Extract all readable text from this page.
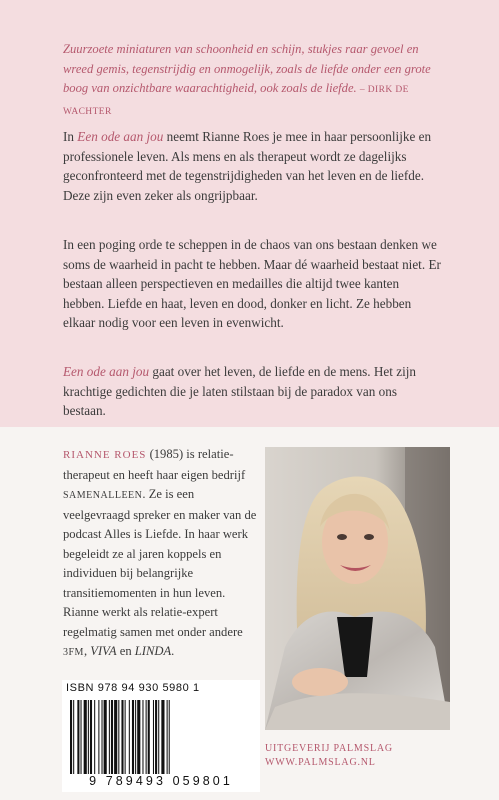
Zuurzoete miniaturen van schoonheid en schijn, stukjes raar gevoel en wreed gemis, tegenstrijdig en onmogelijk, zoals de liefde onder een grote boog van onzichtbare waarachtigheid, ook zoals de liefde. – DIRK DE WACHTER
In Een ode aan jou neemt Rianne Roes je mee in haar persoonlijke en professionele leven. Als mens en als therapeut wordt ze dagelijks geconfronteerd met de tegenstrijdigheden van het leven en de liefde. Deze zijn even zeker als ongrijpbaar.
In een poging orde te scheppen in de chaos van ons bestaan denken we soms de waarheid in pacht te hebben. Maar dé waarheid bestaat niet. Er bestaan alleen perspectieven en medailles die altijd twee kanten hebben. Liefde en haat, leven en dood, donker en licht. Ze hebben elkaar nodig voor een leven in evenwicht.
Een ode aan jou gaat over het leven, de liefde en de mens. Het zijn krachtige gedichten die je laten stilstaan bij de paradox van ons bestaan.
RIANNE ROES (1985) is relatietherapeut en heeft haar eigen bedrijf SAMENALLEEN. Ze is een veelgevraagd spreker en maker van de podcast Alles is Liefde. In haar werk begeleidt ze al jaren koppels en individuen bij belangrijke transitiemomenten in hun leven. Rianne werkt als relatie-expert regelmatig samen met onder andere 3FM, VIVA en LINDA.
UITGEVERIJ PALMSLAG
WWW.PALMSLAG.NL
ISBN 978 94 930 5980 1
9 789493 059801
